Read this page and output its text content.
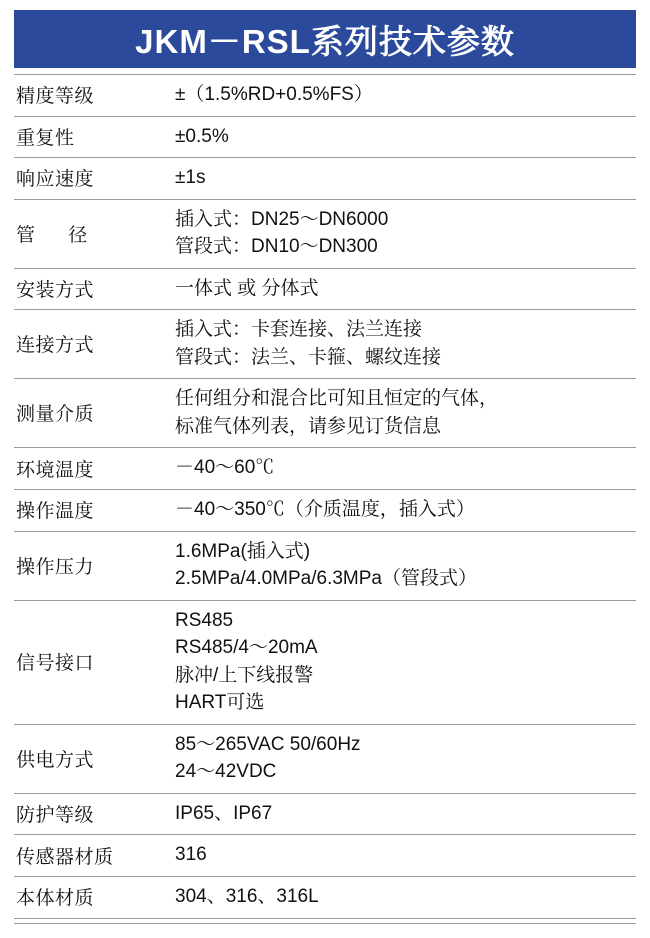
JKM－RSL系列技术参数
精度等级	±（1.5%RD+0.5%FS）

重复性	±0.5%

响应速度	±1s

管 径	插入式：DN25～DN6000
管段式：DN10～DN300

安装方式	一体式 或 分体式

连接方式	插入式：卡套连接、法兰连接
管段式：法兰、卡箍、螺纹连接

测量介质	任何组分和混合比可知且恒定的气体，
标准气体列表，请参见订货信息

环境温度	－40～60℃

操作温度	－40～350℃（介质温度，插入式）

操作压力	1.6MPa(插入式)
2.5MPa/4.0MPa/6.3MPa（管段式）

信号接口	RS485
RS485/4～20mA
脉冲/上下线报警
HART可选

供电方式	85～265VAC 50/60Hz
24～42VDC

防护等级	IP65、IP67

传感器材质	316

本体材质	304、316、316L
